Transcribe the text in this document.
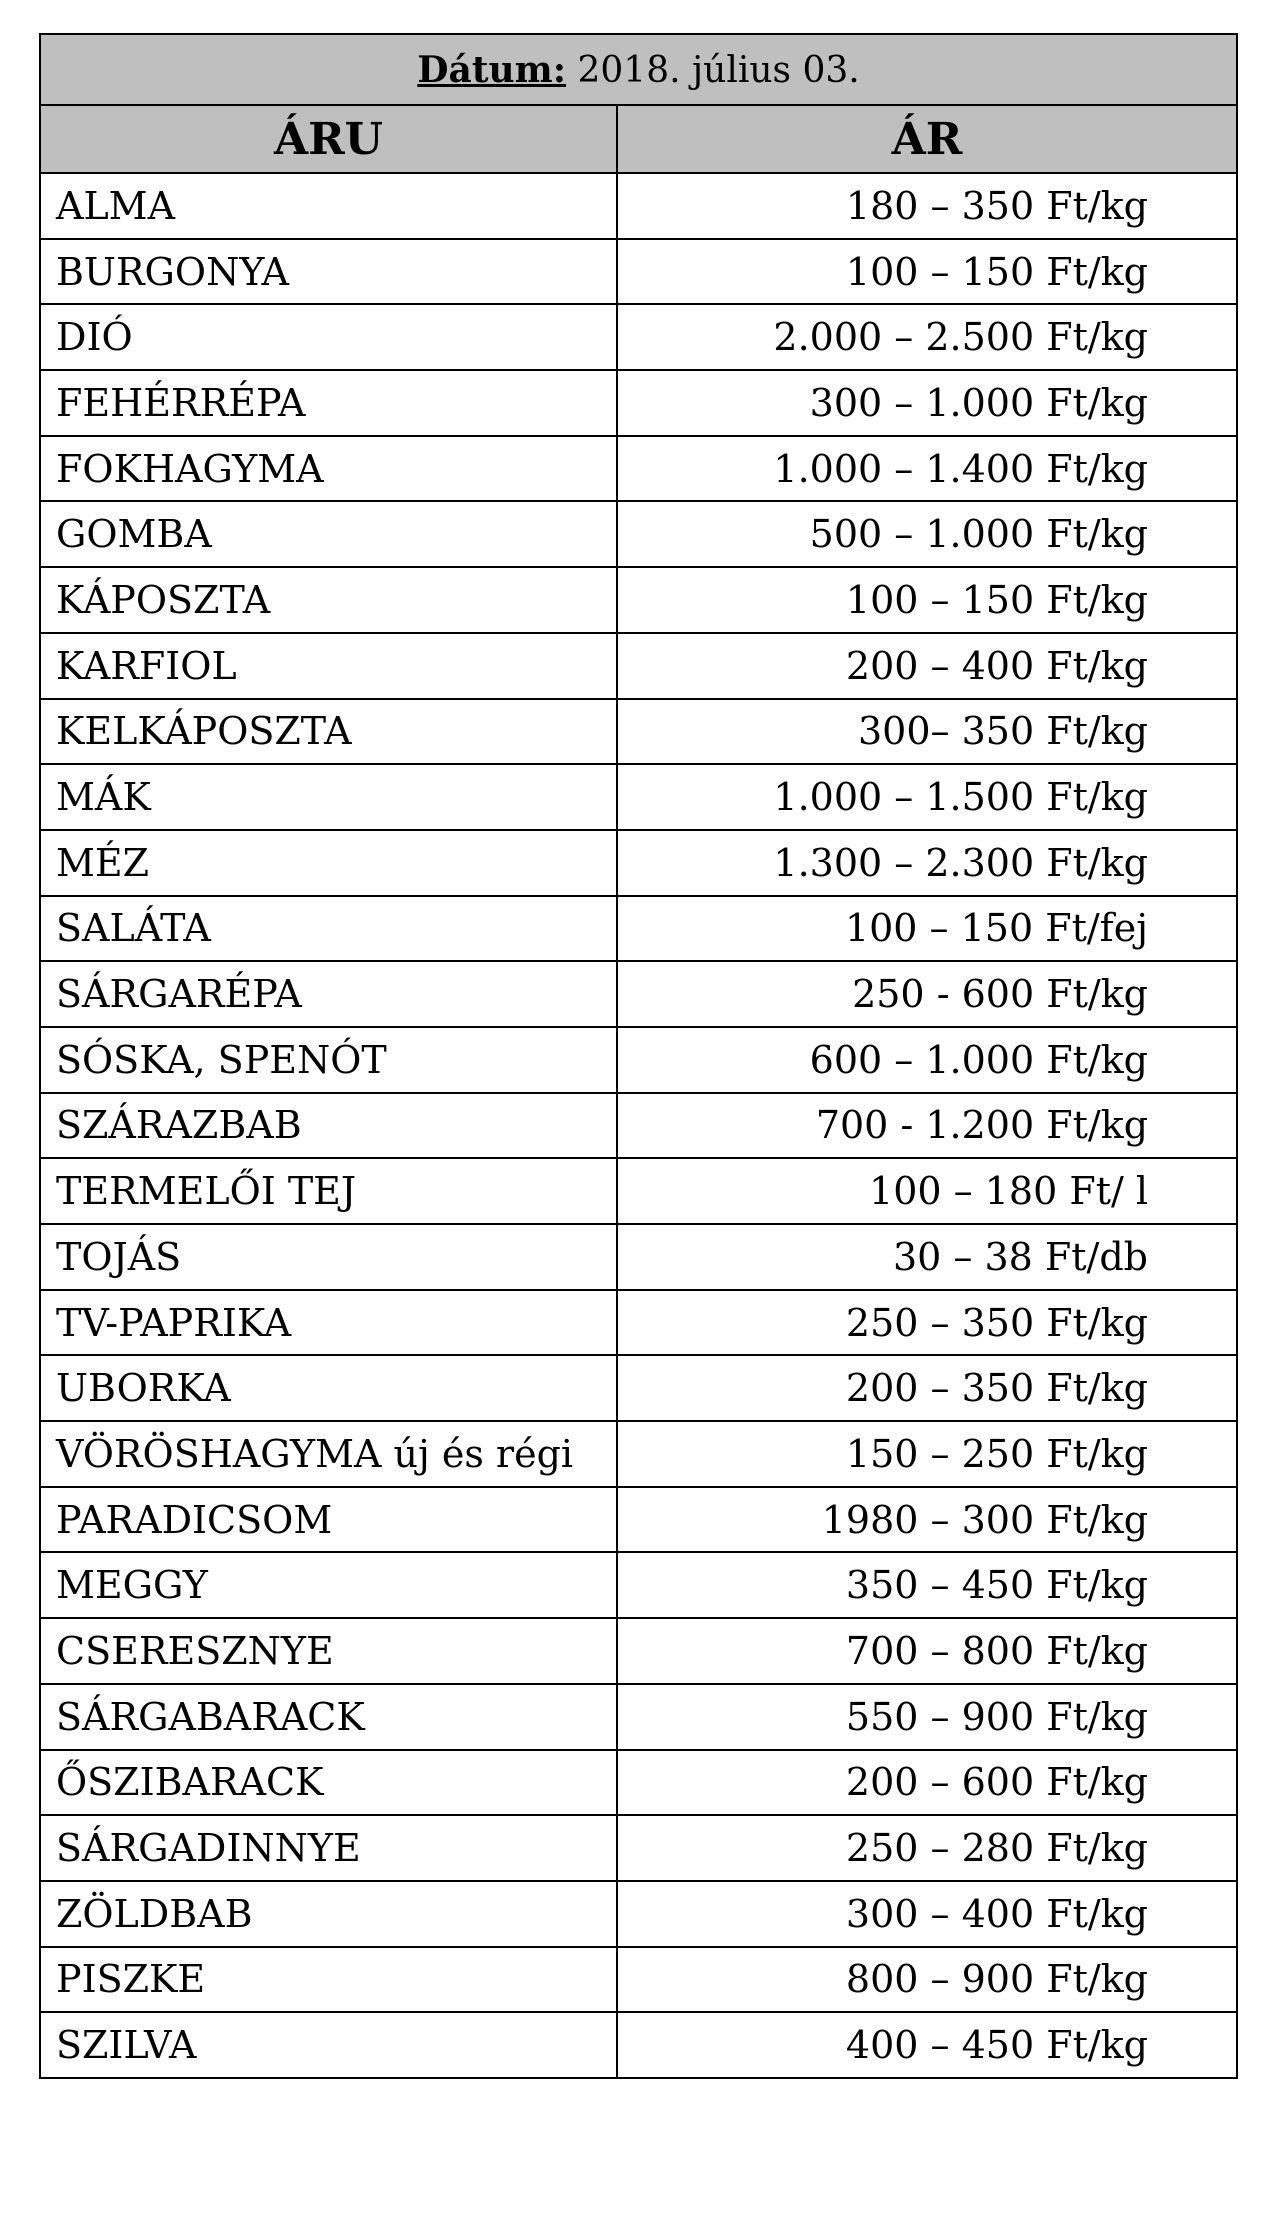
Dátum: 2018. július 03.	
ÁRU	ÁR
ALMA	180 – 350 Ft/kg
BURGONYA	100 – 150 Ft/kg
DIÓ	2.000 – 2.500 Ft/kg
FEHÉRRÉPA	300 – 1.000 Ft/kg
FOKHAGYMA	1.000 – 1.400 Ft/kg
GOMBA	500 – 1.000 Ft/kg
KÁPOSZTA	100 – 150 Ft/kg
KARFIOL	200 – 400 Ft/kg
KELKÁPOSZTA	300– 350 Ft/kg
MÁK	1.000 – 1.500 Ft/kg
MÉZ	1.300 – 2.300 Ft/kg
SALÁTA	100 – 150 Ft/fej
SÁRGARÉPA	250 - 600 Ft/kg
SÓSKA, SPENÓT	600 – 1.000 Ft/kg
SZÁRAZBAB	700 - 1.200 Ft/kg
TERMELŐI TEJ	100 – 180 Ft/ l
TOJÁS	30 – 38 Ft/db
TV-PAPRIKA	250 – 350 Ft/kg
UBORKA	200 – 350 Ft/kg
VÖRÖSHAGYMA új és régi	150 – 250 Ft/kg
PARADICSOM	1980 – 300 Ft/kg
MEGGY	350 – 450 Ft/kg
CSERESZNYE	700 – 800 Ft/kg
SÁRGABARACK	550 – 900 Ft/kg
ŐSZIBARACK	200 – 600 Ft/kg
SÁRGADINNYE	250 – 280 Ft/kg
ZÖLDBAB	300 – 400 Ft/kg
PISZKE	800 – 900 Ft/kg
SZILVA	400 – 450 Ft/kg
